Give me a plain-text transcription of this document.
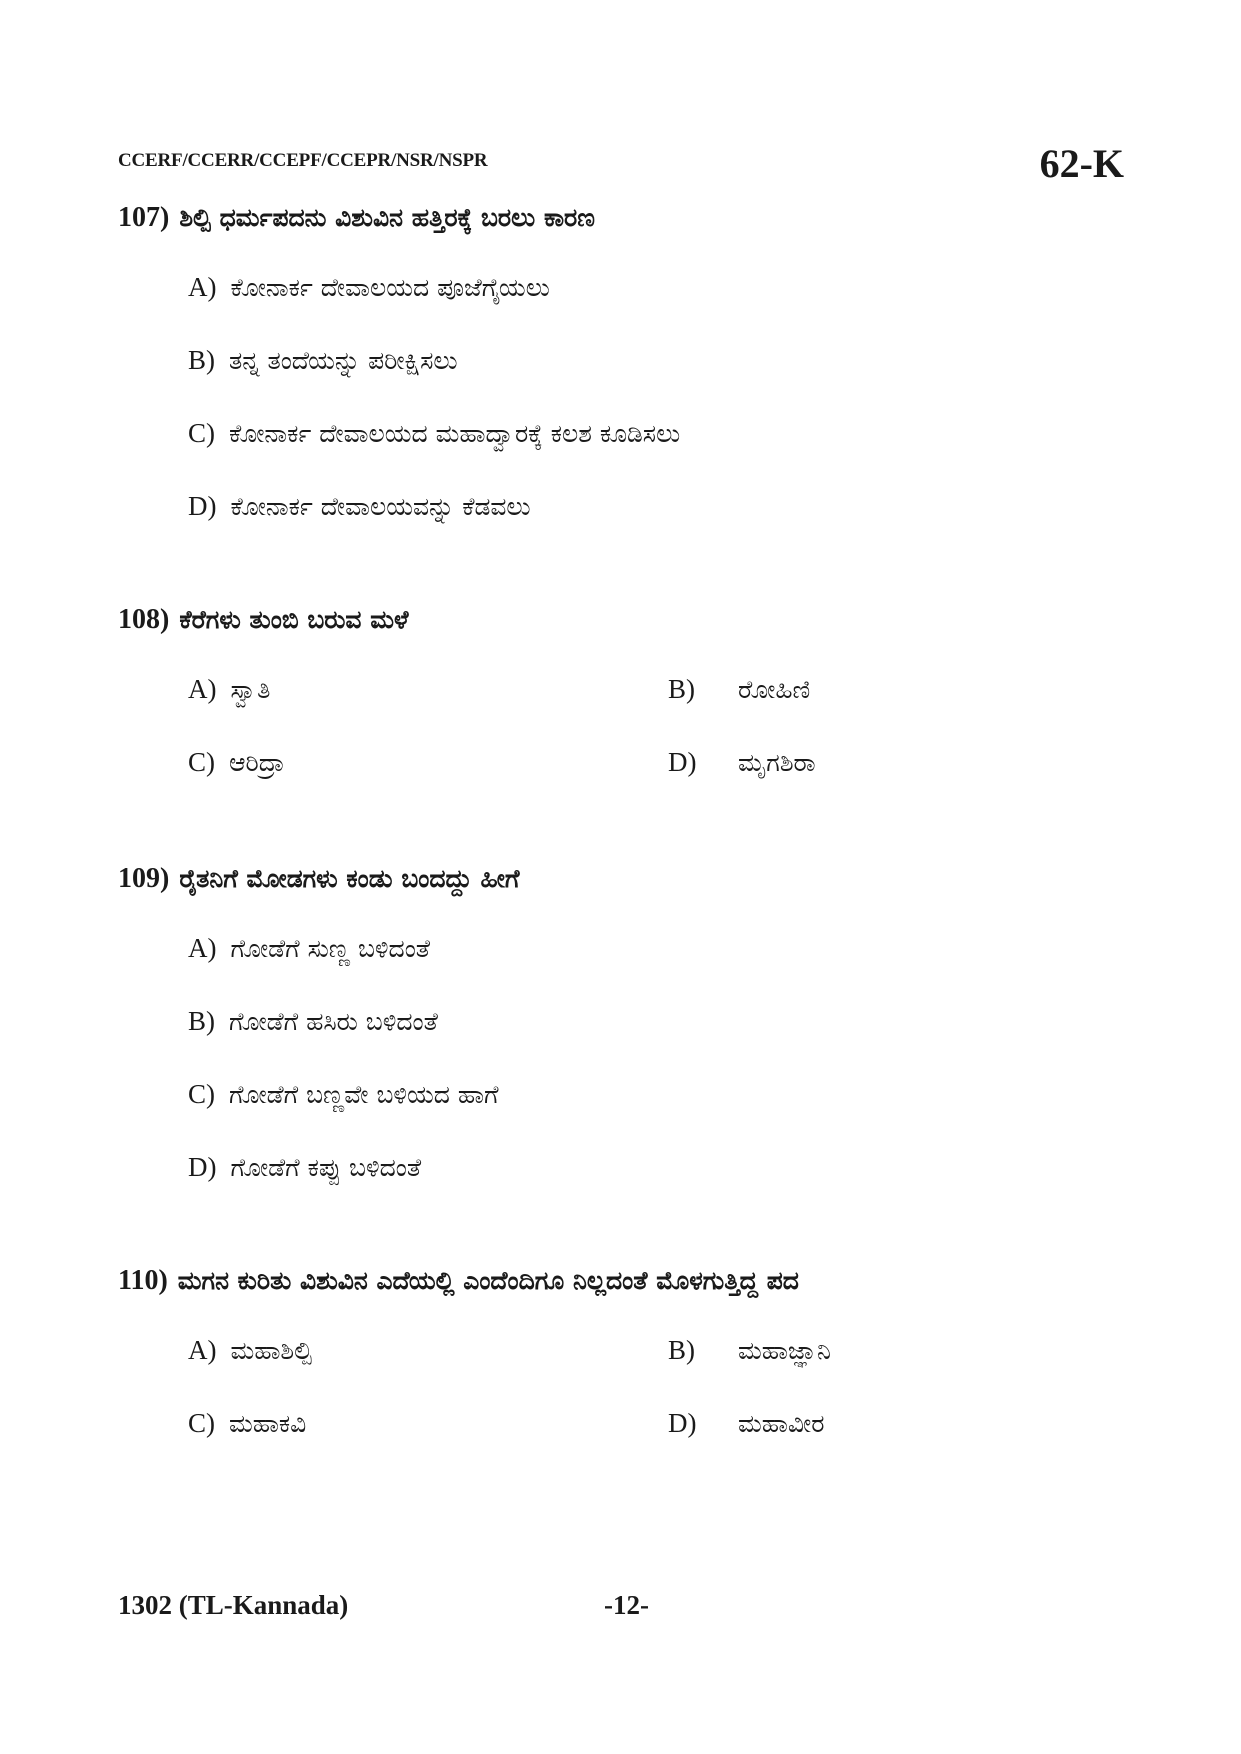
CCERF/CCERR/CCEPF/CCEPR/NSR/NSPR	62-K
107) ಶಿಲ್ಪಿ ಧರ್ಮಪದನು ವಿಶುವಿನ ಹತ್ತಿರಕ್ಕೆ ಬರಲು ಕಾರಣ
A) ಕೋನಾರ್ಕ ದೇವಾಲಯದ ಪೂಜೆಗೈಯಲು
B) ತನ್ನ ತಂದೆಯನ್ನು ಪರೀಕ್ಷಿಸಲು
C) ಕೋನಾರ್ಕ ದೇವಾಲಯದ ಮಹಾದ್ವಾರಕ್ಕೆ ಕಲಶ ಕೂಡಿಸಲು
D) ಕೋನಾರ್ಕ ದೇವಾಲಯವನ್ನು ಕೆಡವಲು
108) ಕೆರೆಗಳು ತುಂಬಿ ಬರುವ ಮಳೆ
A) ಸ್ವಾತಿ	B)	ರೋಹಿಣಿ
C) ಆರಿದ್ರಾ	D)	ಮೃಗಶಿರಾ
109) ರೈತನಿಗೆ ಮೋಡಗಳು ಕಂಡು ಬಂದದ್ದು ಹೀಗೆ
A) ಗೋಡೆಗೆ ಸುಣ್ಣ ಬಳಿದಂತೆ
B) ಗೋಡೆಗೆ ಹಸಿರು ಬಳಿದಂತೆ
C) ಗೋಡೆಗೆ ಬಣ್ಣವೇ ಬಳಿಯದ ಹಾಗೆ
D) ಗೋಡೆಗೆ ಕಪ್ಪು ಬಳಿದಂತೆ
110) ಮಗನ ಕುರಿತು ವಿಶುವಿನ ಎದೆಯಲ್ಲಿ ಎಂದೆಂದಿಗೂ ನಿಲ್ಲದಂತೆ ಮೊಳಗುತ್ತಿದ್ದ ಪದ
A) ಮಹಾಶಿಲ್ಪಿ	B)	ಮಹಾಜ್ಞಾನಿ
C) ಮಹಾಕವಿ	D)	ಮಹಾವೀರ
1302 (TL-Kannada)	-12-
